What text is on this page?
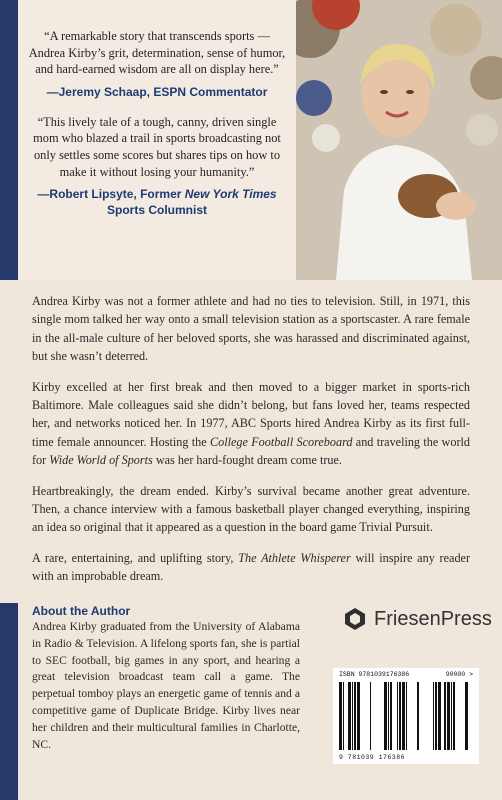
“A remarkable story that transcends sports — Andrea Kirby’s grit, determination, sense of humor, and hard-earned wisdom are all on display here.”

—Jeremy Schaap, ESPN Commentator

“This lively tale of a tough, canny, driven single mom who blazed a trail in sports broadcasting not only settles some scores but shares tips on how to make it without losing your humanity.”

—Robert Lipsyte, Former New York Times
Sports Columnist

Andrea Kirby was not a former athlete and had no ties to television. Still, in 1971, this single mom talked her way onto a small television station as a sportscaster. A rare female in the all-male culture of her beloved sports, she was harassed and discriminated against, but she wasn’t deterred.

Kirby excelled at her first break and then moved to a bigger market in sports-rich Baltimore. Male colleagues said she didn’t belong, but fans loved her, teams respected her, and networks noticed her. In 1977, ABC Sports hired Andrea Kirby as its first full-time female announcer. Hosting the College Football Scoreboard and traveling the world for Wide World of Sports was her hard-fought dream come true.

Heartbreakingly, the dream ended. Kirby’s survival became another great adventure. Then, a chance interview with a famous basketball player changed everything, inspiring an idea so original that it appeared as a question in the board game Trivial Pursuit.

A rare, entertaining, and uplifting story, The Athlete Whisperer will inspire any reader with an improbable dream.

About the Author

Andrea Kirby graduated from the University of Alabama in Radio & Television. A lifelong sports fan, she is partial to SEC football, big games in any sport, and hearing a great television broadcast team call a game. The perpetual tomboy plays an energetic game of tennis and a competitive game of Duplicate Bridge. Kirby lives near her children and their multicultural families in Charlotte, NC.

FriesenPress
ISBN 9781039176386	90000 >
9 781039 176386
